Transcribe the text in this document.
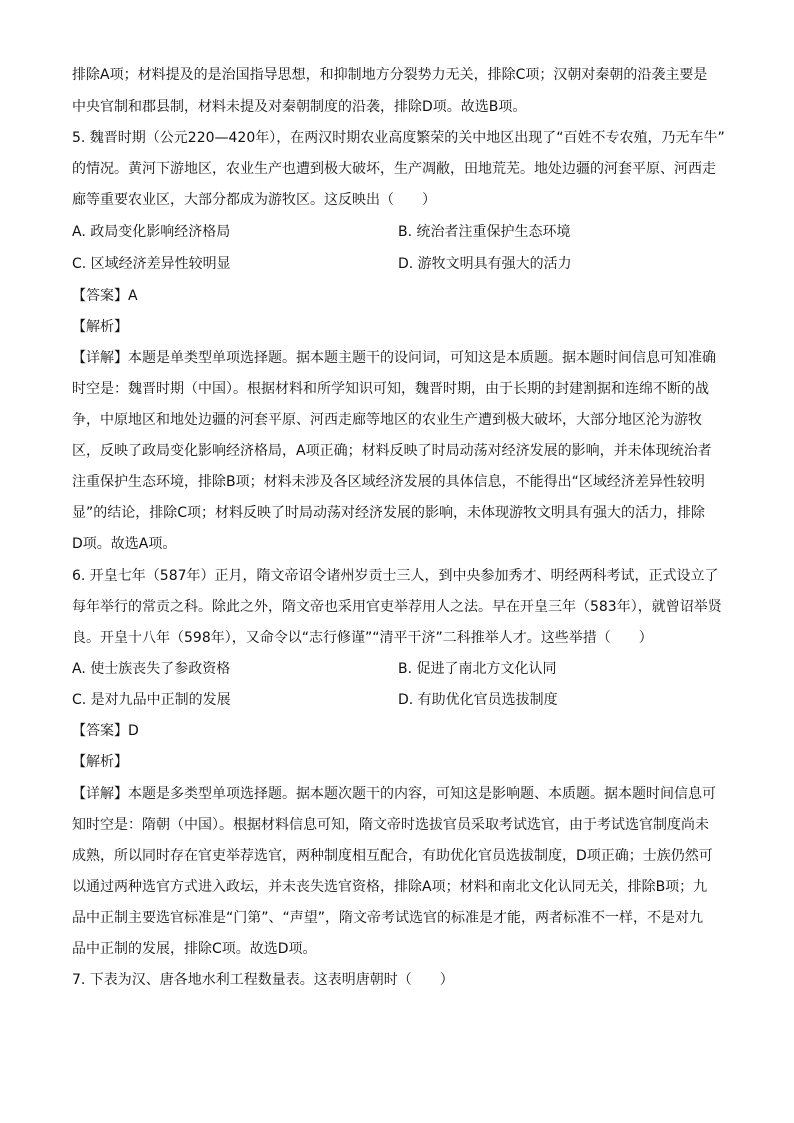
排除A项；材料提及的是治国指导思想，和抑制地方分裂势力无关，排除C项；汉朝对秦朝的沿袭主要是
中央官制和郡县制，材料未提及对秦朝制度的沿袭，排除D项。故选B项。
5. 魏晋时期（公元220—420年），在两汉时期农业高度繁荣的关中地区出现了“百姓不专农殖，乃无车牛”
的情况。黄河下游地区，农业生产也遭到极大破坏，生产凋敝，田地荒芜。地处边疆的河套平原、河西走
廊等重要农业区，大部分都成为游牧区。这反映出（　　）
A. 政局变化影响经济格局	B. 统治者注重保护生态环境
C. 区域经济差异性较明显	D. 游牧文明具有强大的活力
【答案】A
【解析】
【详解】本题是单类型单项选择题。据本题主题干的设问词，可知这是本质题。据本题时间信息可知准确
时空是：魏晋时期（中国）。根据材料和所学知识可知，魏晋时期，由于长期的封建割据和连绵不断的战
争，中原地区和地处边疆的河套平原、河西走廊等地区的农业生产遭到极大破坏，大部分地区沦为游牧
区，反映了政局变化影响经济格局，A项正确；材料反映了时局动荡对经济发展的影响，并未体现统治者
注重保护生态环境，排除B项；材料未涉及各区域经济发展的具体信息，不能得出“区域经济差异性较明
显”的结论，排除C项；材料反映了时局动荡对经济发展的影响，未体现游牧文明具有强大的活力，排除
D项。故选A项。
6. 开皇七年（587年）正月，隋文帝诏令诸州岁贡士三人，到中央参加秀才、明经两科考试，正式设立了
每年举行的常贡之科。除此之外，隋文帝也采用官吏举荐用人之法。早在开皇三年（583年），就曾诏举贤
良。开皇十八年（598年），又命令以“志行修谨”“清平干济”二科推举人才。这些举措（　　）
A. 使士族丧失了参政资格	B. 促进了南北方文化认同
C. 是对九品中正制的发展	D. 有助优化官员选拔制度
【答案】D
【解析】
【详解】本题是多类型单项选择题。据本题次题干的内容，可知这是影响题、本质题。据本题时间信息可
知时空是：隋朝（中国）。根据材料信息可知，隋文帝时选拔官员采取考试选官，由于考试选官制度尚未
成熟，所以同时存在官吏举荐选官，两种制度相互配合，有助优化官员选拔制度，D项正确；士族仍然可
以通过两种选官方式进入政坛，并未丧失选官资格，排除A项；材料和南北文化认同无关，排除B项；九
品中正制主要选官标准是“门第”、“声望”，隋文帝考试选官的标准是才能，两者标准不一样，不是对九
品中正制的发展，排除C项。故选D项。
7. 下表为汉、唐各地水利工程数量表。这表明唐朝时（　　）
